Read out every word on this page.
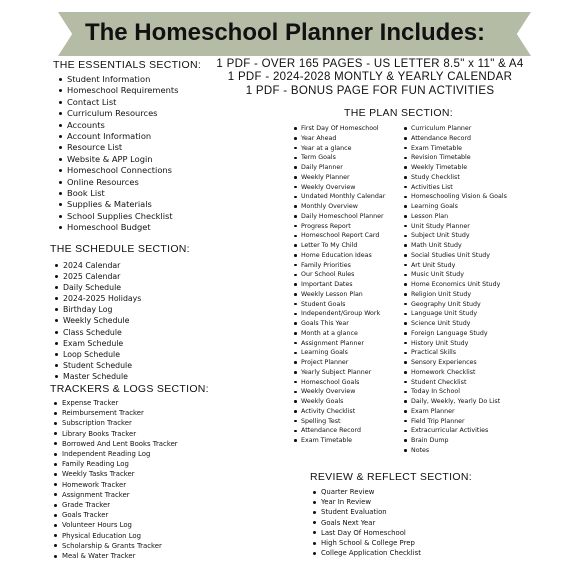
The Homeschool Planner Includes:
THE ESSENTIALS SECTION:
Student Information
Homeschool Requirements
Contact List
Curriculum Resources
Accounts
Account Information
Resource List
Website & APP Login
Homeschool Connections
Online Resources
Book List
Supplies & Materials
School Supplies Checklist
Homeschool Budget
THE SCHEDULE SECTION:
2024 Calendar
2025 Calendar
Daily Schedule
2024-2025 Holidays
Birthday Log
Weekly Schedule
Class Schedule
Exam Schedule
Loop Schedule
Student Schedule
Master Schedule
TRACKERS & LOGS SECTION:
Expense Tracker
Reimbursement Tracker
Subscription Tracker
Library Books Tracker
Borrowed And Lent Books Tracker
Independent Reading Log
Family Reading Log
Weekly Tasks Tracker
Homework Tracker
Assignment Tracker
Grade Tracker
Goals Tracker
Volunteer Hours Log
Physical Education Log
Scholarship & Grants Tracker
Meal & Water Tracker
1 PDF - OVER 165 PAGES - US LETTER 8.5" x 11" & A4
1 PDF - 2024-2028 MONTLY & YEARLY CALENDAR
1 PDF - BONUS PAGE FOR FUN ACTIVITIES
THE PLAN SECTION:
First Day Of Homeschool
Year Ahead
Year at a glance
Term Goals
Daily Planner
Weekly Planner
Weekly Overview
Undated Monthly Calendar
Monthly Overview
Daily Homeschool Planner
Progress Report
Homeschool Report Card
Letter To My Child
Home Education Ideas
Family Priorities
Our School Rules
Important Dates
Weekly Lesson Plan
Student Goals
Independent/Group Work
Goals This Year
Month at a glance
Assignment Planner
Learning Goals
Project Planner
Yearly Subject Planner
Homeschool Goals
Weekly Overview
Weekly Goals
Activity Checklist
Spelling Test
Attendance Record
Exam Timetable
Curriculum Planner
Attendance Record
Exam Timetable
Revision Timetable
Weekly Timetable
Study Checklist
Activities List
Homeschooling Vision & Goals
Learning Goals
Lesson Plan
Unit Study Planner
Subject Unit Study
Math Unit Study
Social Studies Unit Study
Art Unit Study
Music Unit Study
Home Economics Unit Study
Religion Unit Study
Geography Unit Study
Language Unit Study
Science Unit Study
Foreign Language Study
History Unit Study
Practical Skills
Sensory Experiences
Homework Checklist
Student Checklist
Today In School
Daily, Weekly, Yearly Do List
Exam Planner
Field Trip Planner
Extracurricular Activities
Brain Dump
Notes
REVIEW & REFLECT SECTION:
Quarter Review
Year In Review
Student Evaluation
Goals Next Year
Last Day Of Homeschool
High School & College Prep
College Application Checklist
